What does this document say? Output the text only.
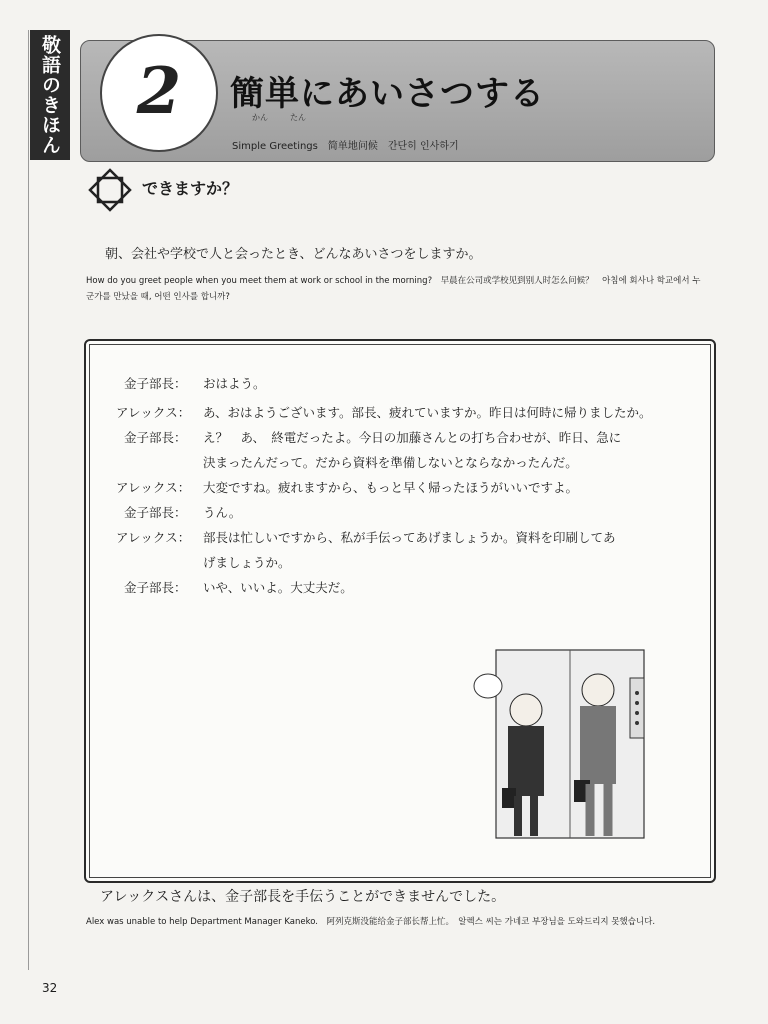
敬語のきほん	2	簡単にあいさつする
かん	たん
Simple Greetings　简单地问候　간단히 인사하기
できますか？
朝、会社や学校で人と会ったとき、どんなあいさつをしますか。
How do you greet people when you meet them at work or school in the morning?　早晨在公司或学校见到别人时怎么问候？　아침에 회사나 학교에서 누군가를 만났을 때, 어떤 인사를 합니까?
金子部長： おはよう。
アレックス： あ、おはようございます。部長、疲れていますか。昨日は何時に帰りましたか。
金子部長： え？　あ、　終電だったよ。今日の加藤さんとの打ち合わせが、昨日、急に
決まったんだって。だから資料を準備しないとならなかったんだ。
アレックス： 大変ですね。疲れますから、もっと早く帰ったほうがいいですよ。
金子部長： うん。
アレックス： 部長は忙しいですから、私が手伝ってあげましょうか。資料を印刷してあ
げましょうか。
金子部長： いや、いいよ。大丈夫だ。
アレックスさんは、金子部長を手伝うことができませんでした。
Alex was unable to help Department Manager Kaneko.　阿列克斯没能给金子部长帮上忙。　알렉스 씨는 가네코 부장님을 도와드리지 못했습니다.
32
